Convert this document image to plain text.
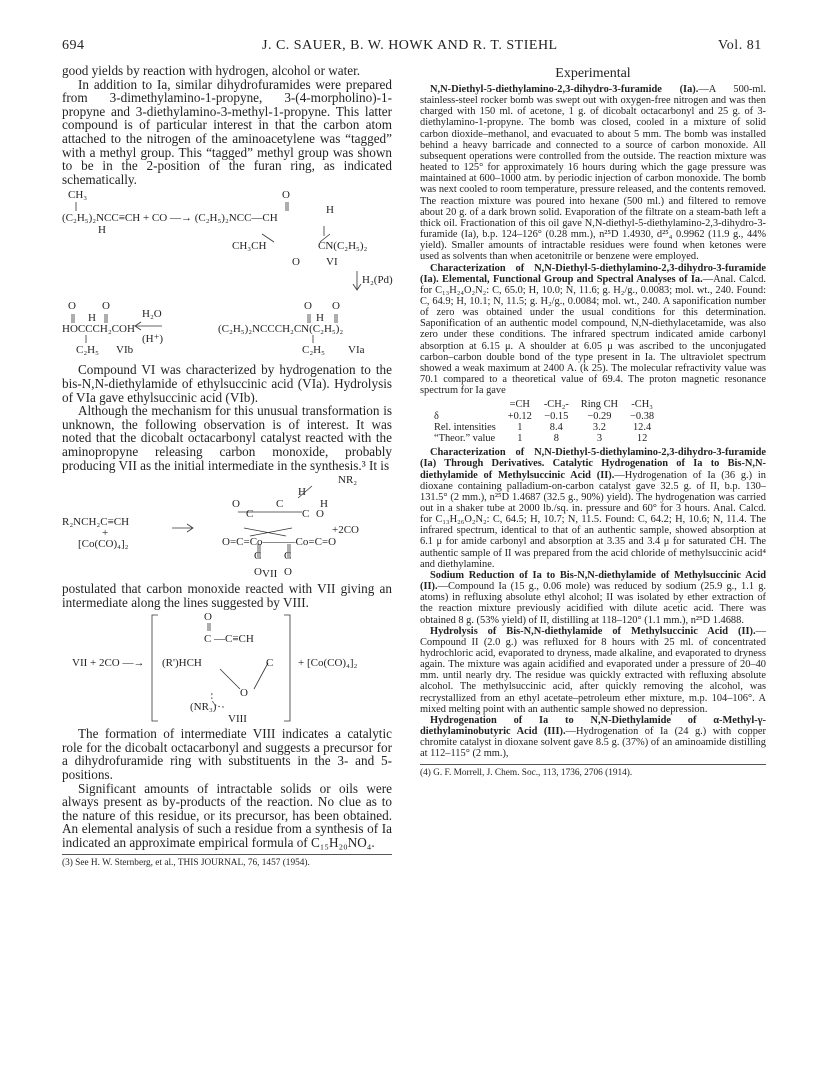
694	J. C. SAUER, B. W. HOWK AND R. T. STIEHL	Vol. 81

good yields by reaction with hydrogen, alcohol or water.

In addition to Ia, similar dihydrofuramides were prepared from 3-dimethylamino-1-propyne, 3-(4-morpholino)-1-propyne and 3-diethylamino-3-methyl-1-propyne. This latter compound is of particular interest in that the carbon atom attached to the nitrogen of the aminoacetylene was “tagged” with a methyl group. This “tagged” methyl group was shown to be in the 2-position of the furan ring, as indicated schematically.

CH₃	O
(C₂H₅)₂NCC≡CH + CO —→ (C₂H₅)₂NCC—CH
H
H
CH₃CH	CN(C₂H₅)₂
O VI
H₂(Pd)
O O
H₂O
O O
H	H
HOCCCH₂COH
(H⁺)
(C₂H₅)₂NCCCH₂CN(C₂H₅)₂
C₂H₅ VIb	C₂H₅ VIa

Compound VI was characterized by hydrogenation to the bis-N,N-diethylamide of ethylsuccinic acid (VIa). Hydrolysis of VIa gave ethylsuccinic acid (VIb).

Although the mechanism for this unusual transformation is unknown, the following observation is of interest. It was noted that the dicobalt octacarbonyl catalyst reacted with the aminopropyne releasing carbon monoxide, probably producing VII as the initial intermediate in the synthesis.³ It is

NR₂
H
O	H
O
C
C
C
R₂NCH₂C≡CH
+	+2CO
[Co(CO)₄]₂	O=C=Co———Co=C=O
C C
O O
VII

postulated that carbon monoxide reacted with VII giving an intermediate along the lines suggested by VIII.

O
C —C≡CH
VII + 2CO —→ (R')HCH	C + [Co(CO)₄]₂
O
(NR₃)
VIII

The formation of intermediate VIII indicates a catalytic role for the dicobalt octacarbonyl and suggests a precursor for a dihydrofuramide ring with substituents in the 3- and 5-positions.

Significant amounts of intractable solids or oils were always present as by-products of the reaction. No clue as to the nature of this residue, or its precursor, has been obtained. An elemental analysis of such a residue from a synthesis of Ia indicated an approximate empirical formula of C₁₅H₂₀NO₄.

(3) See H. W. Sternberg, et al., THIS JOURNAL, 76, 1457 (1954).
Experimental

N,N-Diethyl-5-diethylamino-2,3-dihydro-3-furamide (Ia).—A 500-ml. stainless-steel rocker bomb was swept out with oxygen-free nitrogen and was then charged with 150 ml. of acetone, 1 g. of dicobalt octacarbonyl and 25 g. of 3-diethylamino-1-propyne. The bomb was closed, cooled in a mixture of solid carbon dioxide–methanol, and evacuated to about 5 mm. The bomb was installed behind a heavy barricade and connected to a source of carbon monoxide. All subsequent operations were controlled from the outside. The reaction mixture was heated to 125° for approximately 16 hours during which the gage pressure was maintained at 600–1000 atm. by periodic injection of carbon monoxide. The bomb was next cooled to room temperature, pressure released, and the contents removed. The reaction mixture was poured into hexane (500 ml.) and filtered to remove about 20 g. of a dark brown solid. Evaporation of the filtrate on a steam-bath left a thick oil. Fractionation of this oil gave N,N-diethyl-5-diethylamino-2,3-dihydro-3-furamide (Ia), b.p. 124–126° (0.28 mm.), n²⁵D 1.4930, d²⁵₄ 0.9962 (11.9 g., 44% yield). Smaller amounts of intractable residues were found when ketones were used as solvents than when acetonitrile or benzene were employed.

Characterization of N,N-Diethyl-5-diethylamino-2,3-dihydro-3-furamide (Ia). Elemental, Functional Group and Spectral Analyses of Ia.—Anal. Calcd. for C₁₃H₂₄O₂N₂: C, 65.0; H, 10.0; N, 11.6; g. H₂/g., 0.0083; mol. wt., 240. Found: C, 64.9; H, 10.1; N, 11.5; g. H₂/g., 0.0084; mol. wt., 240. A saponification number of zero was obtained under the usual conditions for this determination. Saponification of an authentic model compound, N,N-diethylacetamide, was also zero under these conditions. The infrared spectrum indicated amide carbonyl absorption at 6.15 μ. A shoulder at 6.05 μ was ascribed to the unconjugated carbon–carbon double bond of the type present in Ia. The ultraviolet spectrum showed a weak maximum at 2400 A. (k 25). The molecular refractivity value was 70.1 compared to a theoretical value of 69.4. The proton magnetic resonance spectrum for Ia gave

	=CH	-CH₂-	Ring CH	-CH₃
δ	+0.12	−0.15	−0.29	−0.38
Rel. intensities	1	8.4	3.2	12.4
“Theor.” value	1	8	3	12

Characterization of N,N-Diethyl-5-diethylamino-2,3-dihydro-3-furamide (Ia) Through Derivatives. Catalytic Hydrogenation of Ia to Bis-N,N-diethylamide of Methylsuccinic Acid (II).—Hydrogenation of Ia (36 g.) in dioxane containing palladium-on-carbon catalyst gave 32.5 g. of II, b.p. 130–131.5° (2 mm.), n²⁵D 1.4687 (32.5 g., 90%) yield). The hydrogenation was carried out in a shaker tube at 2000 lb./sq. in. pressure and 60° for 3 hours. Anal. Calcd. for C₁₃H₂₆O₂N₂: C, 64.5; H, 10.7; N, 11.5. Found: C, 64.2; H, 10.6; N, 11.4. The infrared spectrum, identical to that of an authentic sample, showed absorption at 6.1 μ for amide carbonyl and absorption at 3.35 and 3.4 μ for saturated CH. The authentic sample of II was prepared from the acid chloride of methylsuccinic acid⁴ and diethylamine.

Sodium Reduction of Ia to Bis-N,N-diethylamide of Methylsuccinic Acid (II).—Compound Ia (15 g., 0.06 mole) was reduced by sodium (25.9 g., 1.1 g. atoms) in refluxing absolute ethyl alcohol; II was isolated by ether extraction of the reaction mixture previously acidified with dilute acetic acid. There was obtained 8 g. (53% yield) of II, distilling at 118–120° (1.1 mm.), n²⁵D 1.4688.

Hydrolysis of Bis-N,N-diethylamide of Methylsuccinic Acid (II).—Compound II (2.0 g.) was refluxed for 8 hours with 25 ml. of concentrated hydrochloric acid, evaporated to dryness, made alkaline, and evaporated to dryness again. The mixture was again acidified and evaporated under a pressure of 20–40 mm. until nearly dry. The residue was quickly extracted with refluxing absolute alcohol. The methylsuccinic acid, after quickly removing the alcohol, was recrystallized from an ethyl acetate–petroleum ether mixture, m.p. 104–106°. A mixed melting point with an authentic sample showed no depression.

Hydrogenation of Ia to N,N-Diethylamide of α-Methyl-γ-diethylaminobutyric Acid (III).—Hydrogenation of Ia (24 g.) with copper chromite catalyst in dioxane solvent gave 8.5 g. (37%) of an aminoamide distilling at 112–115° (2 mm.),

(4) G. F. Morrell, J. Chem. Soc., 113, 1736, 2706 (1914).
